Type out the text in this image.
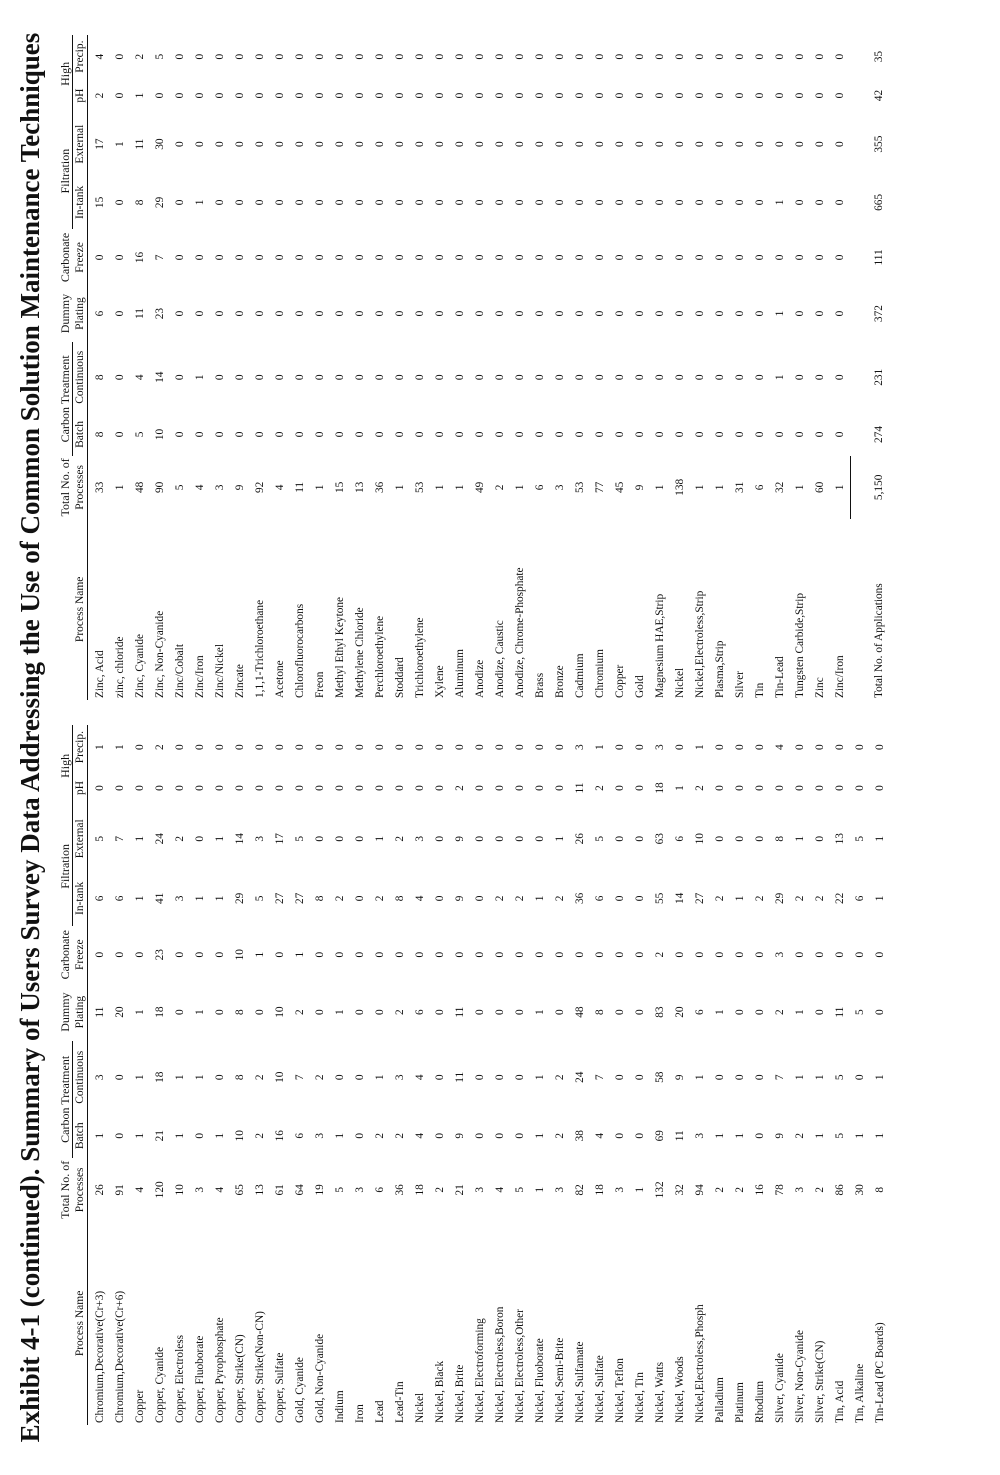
Exhibit 4-1 (continued). Summary of Users Survey Data Addressing the Use of Common Solution Maintenance Techniques
	Total No. of	Carbon Treatment		Dummy	Carbonate	Filtration		High	
Process Name	Processes	Batch	Continuous	Plating	Freeze	In-tank	External	pH	Precip.
Chromium,Decorative(Cr+3)	26	1	3	11	0	6	5	0	1
Chromium,Decorative(Cr+6)	91	0	0	20	0	6	7	0	1
Copper	4	1	1	1	0	1	1	0	0
Copper, Cyanide	120	21	18	18	23	41	24	0	2
Copper, Electroless	10	1	1	0	0	3	2	0	0
Copper, Fluoborate	3	0	1	1	0	1	0	0	0
Copper, Pyrophosphate	4	1	0	0	0	1	1	0	0
Copper, Strike(CN)	65	10	8	8	10	29	14	0	0
Copper, Strike(Non-CN)	13	2	2	0	1	5	3	0	0
Copper, Sulfate	61	16	10	10	0	27	17	0	0
Gold, Cyanide	64	6	7	2	1	27	5	0	0
Gold, Non-Cyanide	19	3	2	0	0	8	0	0	0
Indium	5	1	0	1	0	2	0	0	0
Iron	3	0	0	0	0	0	0	0	0
Lead	6	2	1	0	0	2	1	0	0
Lead-Tin	36	2	3	2	0	8	2	0	0
Nickel	18	4	4	6	0	4	3	0	0
Nickel, Black	2	0	0	0	0	0	0	0	0
Nickel, Brite	21	9	11	11	0	9	9	2	0
Nickel, Electroforming	3	0	0	0	0	0	0	0	0
Nickel, Electroless,Boron	4	0	0	0	0	2	0	0	0
Nickel, Electroless,Other	5	0	0	0	0	2	0	0	0
Nickel, Fluoborate	1	1	1	1	0	1	0	0	0
Nickel, Semi-Brite	3	2	2	0	0	2	1	0	0
Nickel, Sulfamate	82	38	24	48	0	36	26	11	3
Nickel, Sulfate	18	4	7	8	0	6	5	2	1
Nickel, Teflon	3	0	0	0	0	0	0	0	0
Nickel, Tin	1	0	0	0	0	0	0	0	0
Nickel, Watts	132	69	58	83	2	55	63	18	3
Nickel, Woods	32	11	9	20	0	14	6	1	0
Nickel,Electroless,Phosph	94	3	1	6	0	27	10	2	1
Palladium	2	1	0	1	0	2	0	0	0
Platinum	2	1	0	0	0	1	0	0	0
Rhodium	16	0	0	0	0	2	0	0	0
Silver, Cyanide	78	9	7	2	3	29	8	0	4
Silver, Non-Cyanide	3	2	1	1	0	2	1	0	0
Silver, Strike(CN)	2	1	1	0	0	2	0	0	0
Tin, Acid	86	5	5	11	0	22	13	0	0
Tin, Alkaline	30	1	0	5	0	6	5	0	0
Tin-Lead (PC Boards)	8	1	1	0	0	1	1	0	0
	Total No. of	Carbon Treatment		Dummy	Carbonate	Filtration		High	
Process Name	Processes	Batch	Continuous	Plating	Freeze	In-tank	External	pH	Precip.
Zinc, Acid	33	8	8	6	0	15	17	2	4
zinc, chloride	1	0	0	0	0	0	1	0	0
Zinc, Cyanide	48	5	4	11	16	8	11	1	2
Zinc, Non-Cyanide	90	10	14	23	7	29	30	0	5
Zinc/Cobalt	5	0	0	0	0	0	0	0	0
Zinc/Iron	4	0	1	0	0	1	0	0	0
Zinc/Nickel	3	0	0	0	0	0	0	0	0
Zincate	9	0	0	0	0	0	0	0	0
1,1,1-Trichloroethane	92	0	0	0	0	0	0	0	0
Acetone	4	0	0	0	0	0	0	0	0
Chlorofluorocarbons	11	0	0	0	0	0	0	0	0
Freon	1	0	0	0	0	0	0	0	0
Methyl Ethyl Keytone	15	0	0	0	0	0	0	0	0
Methylene Chloride	13	0	0	0	0	0	0	0	0
Perchloroethylene	36	0	0	0	0	0	0	0	0
Stoddard	1	0	0	0	0	0	0	0	0
Trichloroethylene	53	0	0	0	0	0	0	0	0
Xylene	1	0	0	0	0	0	0	0	0
Aluminum	1	0	0	0	0	0	0	0	0
Anodize	49	0	0	0	0	0	0	0	0
Anodize, Caustic	2	0	0	0	0	0	0	0	0
Anodize, Chrome-Phosphate	1	0	0	0	0	0	0	0	0
Brass	6	0	0	0	0	0	0	0	0
Bronze	3	0	0	0	0	0	0	0	0
Cadmium	53	0	0	0	0	0	0	0	0
Chromium	77	0	0	0	0	0	0	0	0
Copper	45	0	0	0	0	0	0	0	0
Gold	9	0	0	0	0	0	0	0	0
Magnesium HAE,Strip	1	0	0	0	0	0	0	0	0
Nickel	138	0	0	0	0	0	0	0	0
Nickel,Electroless,Strip	1	0	0	0	0	0	0	0	0
Plasma,Strip	1	0	0	0	0	0	0	0	0
Silver	31	0	0	0	0	0	0	0	0
Tin	6	0	0	0	0	0	0	0	0
Tin-Lead	32	0	1	1	0	1	0	0	0
Tungsten Carbide,Strip	1	0	0	0	0	0	0	0	0
Zinc	60	0	0	0	0	0	0	0	0
Zinc/Iron	1	0	0	0	0	0	0	0	0
Total No. of Applications	5,150	274	231	372	111	665	355	42	35
